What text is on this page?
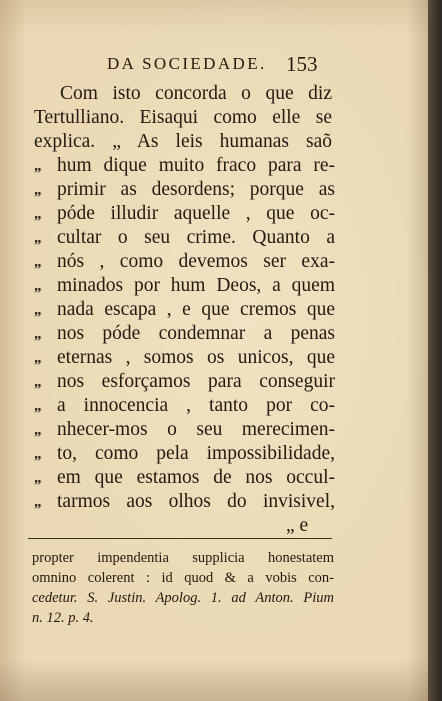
DA SOCIEDADE. 153
Com isto concorda o que diz
Tertulliano. Eisaqui como elle se
explica. „ As leis humanas saõ
„ hum dique muito fraco para re-
„ primir as desordens; porque as
„ póde illudir aquelle , que oc-
„ cultar o seu crime. Quanto a
„ nós , como devemos ser exa-
„ minados por hum Deos, a quem
„ nada escapa , e que cremos que
„ nos póde condemnar a penas
„ eternas , somos os unicos, que
„ nos esforçamos para conseguir
„ a innocencia , tanto por co-
„ nhecer-mos o seu merecimen-
„ to, como pela impossibilidade,
„ em que estamos de nos occul-
„ tarmos aos olhos do invisivel,
„ e
propter impendentia supplicia honestatem
omnino colerent : id quod & a vobis con-
cedetur. S. Justin. Apolog. 1. ad Anton. Pium
n. 12. p. 4.
